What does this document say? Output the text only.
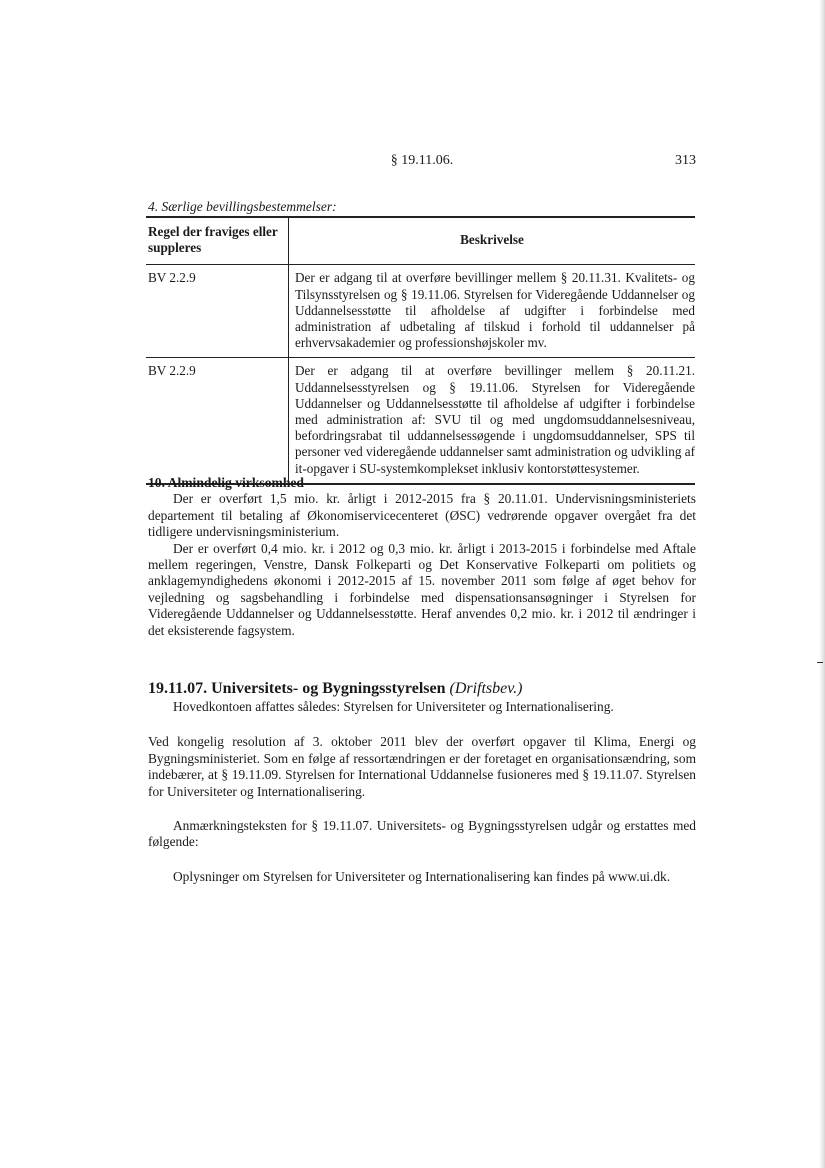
§ 19.11.06.	313
4. Særlige bevillingsbestemmelser:
Regel der fraviges eller suppleres	Beskrivelse
BV 2.2.9	Der er adgang til at overføre bevillinger mellem § 20.11.31. Kvalitets- og Tilsynsstyrelsen og § 19.11.06. Styrelsen for Videregående Uddannelser og Uddannelsesstøtte til afholdelse af udgifter i forbindelse med administration af udbetaling af tilskud i forhold til uddannelser på erhvervsakademier og professionshøjskoler mv.
BV 2.2.9	Der er adgang til at overføre bevillinger mellem § 20.11.21. Uddannelsesstyrelsen og § 19.11.06. Styrelsen for Videregående Uddannelser og Uddannelsesstøtte til afholdelse af udgifter i forbindelse med administration af: SVU til og med ungdomsuddannelsesniveau, befordringsrabat til uddannelsessøgende i ungdomsuddannelser, SPS til personer ved videregående uddannelser samt administration og udvikling af it-opgaver i SU-systemkomplekset inklusiv kontorstøttesystemer.
10. Almindelig virksomhed

Der er overført 1,5 mio. kr. årligt i 2012-2015 fra § 20.11.01. Undervisningsministeriets departement til betaling af Økonomiservicecenteret (ØSC) vedrørende opgaver overgået fra det tidligere undervisningsministerium.

Der er overført 0,4 mio. kr. i 2012 og 0,3 mio. kr. årligt i 2013-2015 i forbindelse med Aftale mellem regeringen, Venstre, Dansk Folkeparti og Det Konservative Folkeparti om politiets og anklagemyndighedens økonomi i 2012-2015 af 15. november 2011 som følge af øget behov for vejledning og sagsbehandling i forbindelse med dispensationsansøgninger i Styrelsen for Videregående Uddannelser og Uddannelsesstøtte. Heraf anvendes 0,2 mio. kr. i 2012 til ændringer i det eksisterende fagsystem.

19.11.07. Universitets- og Bygningsstyrelsen (Driftsbev.)

Hovedkontoen affattes således: Styrelsen for Universiteter og Internationalisering.

Ved kongelig resolution af 3. oktober 2011 blev der overført opgaver til Klima, Energi og Bygningsministeriet. Som en følge af ressortændringen er der foretaget en organisationsændring, som indebærer, at § 19.11.09. Styrelsen for International Uddannelse fusioneres med § 19.11.07. Styrelsen for Universiteter og Internationalisering.

Anmærkningsteksten for § 19.11.07. Universitets- og Bygningsstyrelsen udgår og erstattes med følgende:

Oplysninger om Styrelsen for Universiteter og Internationalisering kan findes på www.ui.dk.
